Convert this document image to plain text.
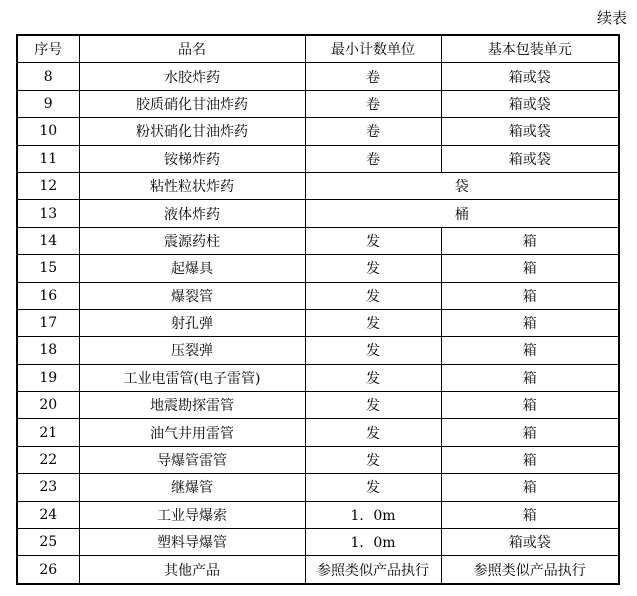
续表
序号	品名	最小计数单位	基本包装单元
8	水胶炸药	卷	箱或袋
9	胶质硝化甘油炸药	卷	箱或袋
10	粉状硝化甘油炸药	卷	箱或袋
11	铵梯炸药	卷	箱或袋
12	粘性粒状炸药	袋	
13	液体炸药	桶	
14	震源药柱	发	箱
15	起爆具	发	箱
16	爆裂管	发	箱
17	射孔弹	发	箱
18	压裂弹	发	箱
19	工业电雷管(电子雷管)	发	箱
20	地震勘探雷管	发	箱
21	油气井用雷管	发	箱
22	导爆管雷管	发	箱
23	继爆管	发	箱
24	工业导爆索	1．0m	箱
25	塑料导爆管	1．0m	箱或袋
26	其他产品	参照类似产品执行	参照类似产品执行
